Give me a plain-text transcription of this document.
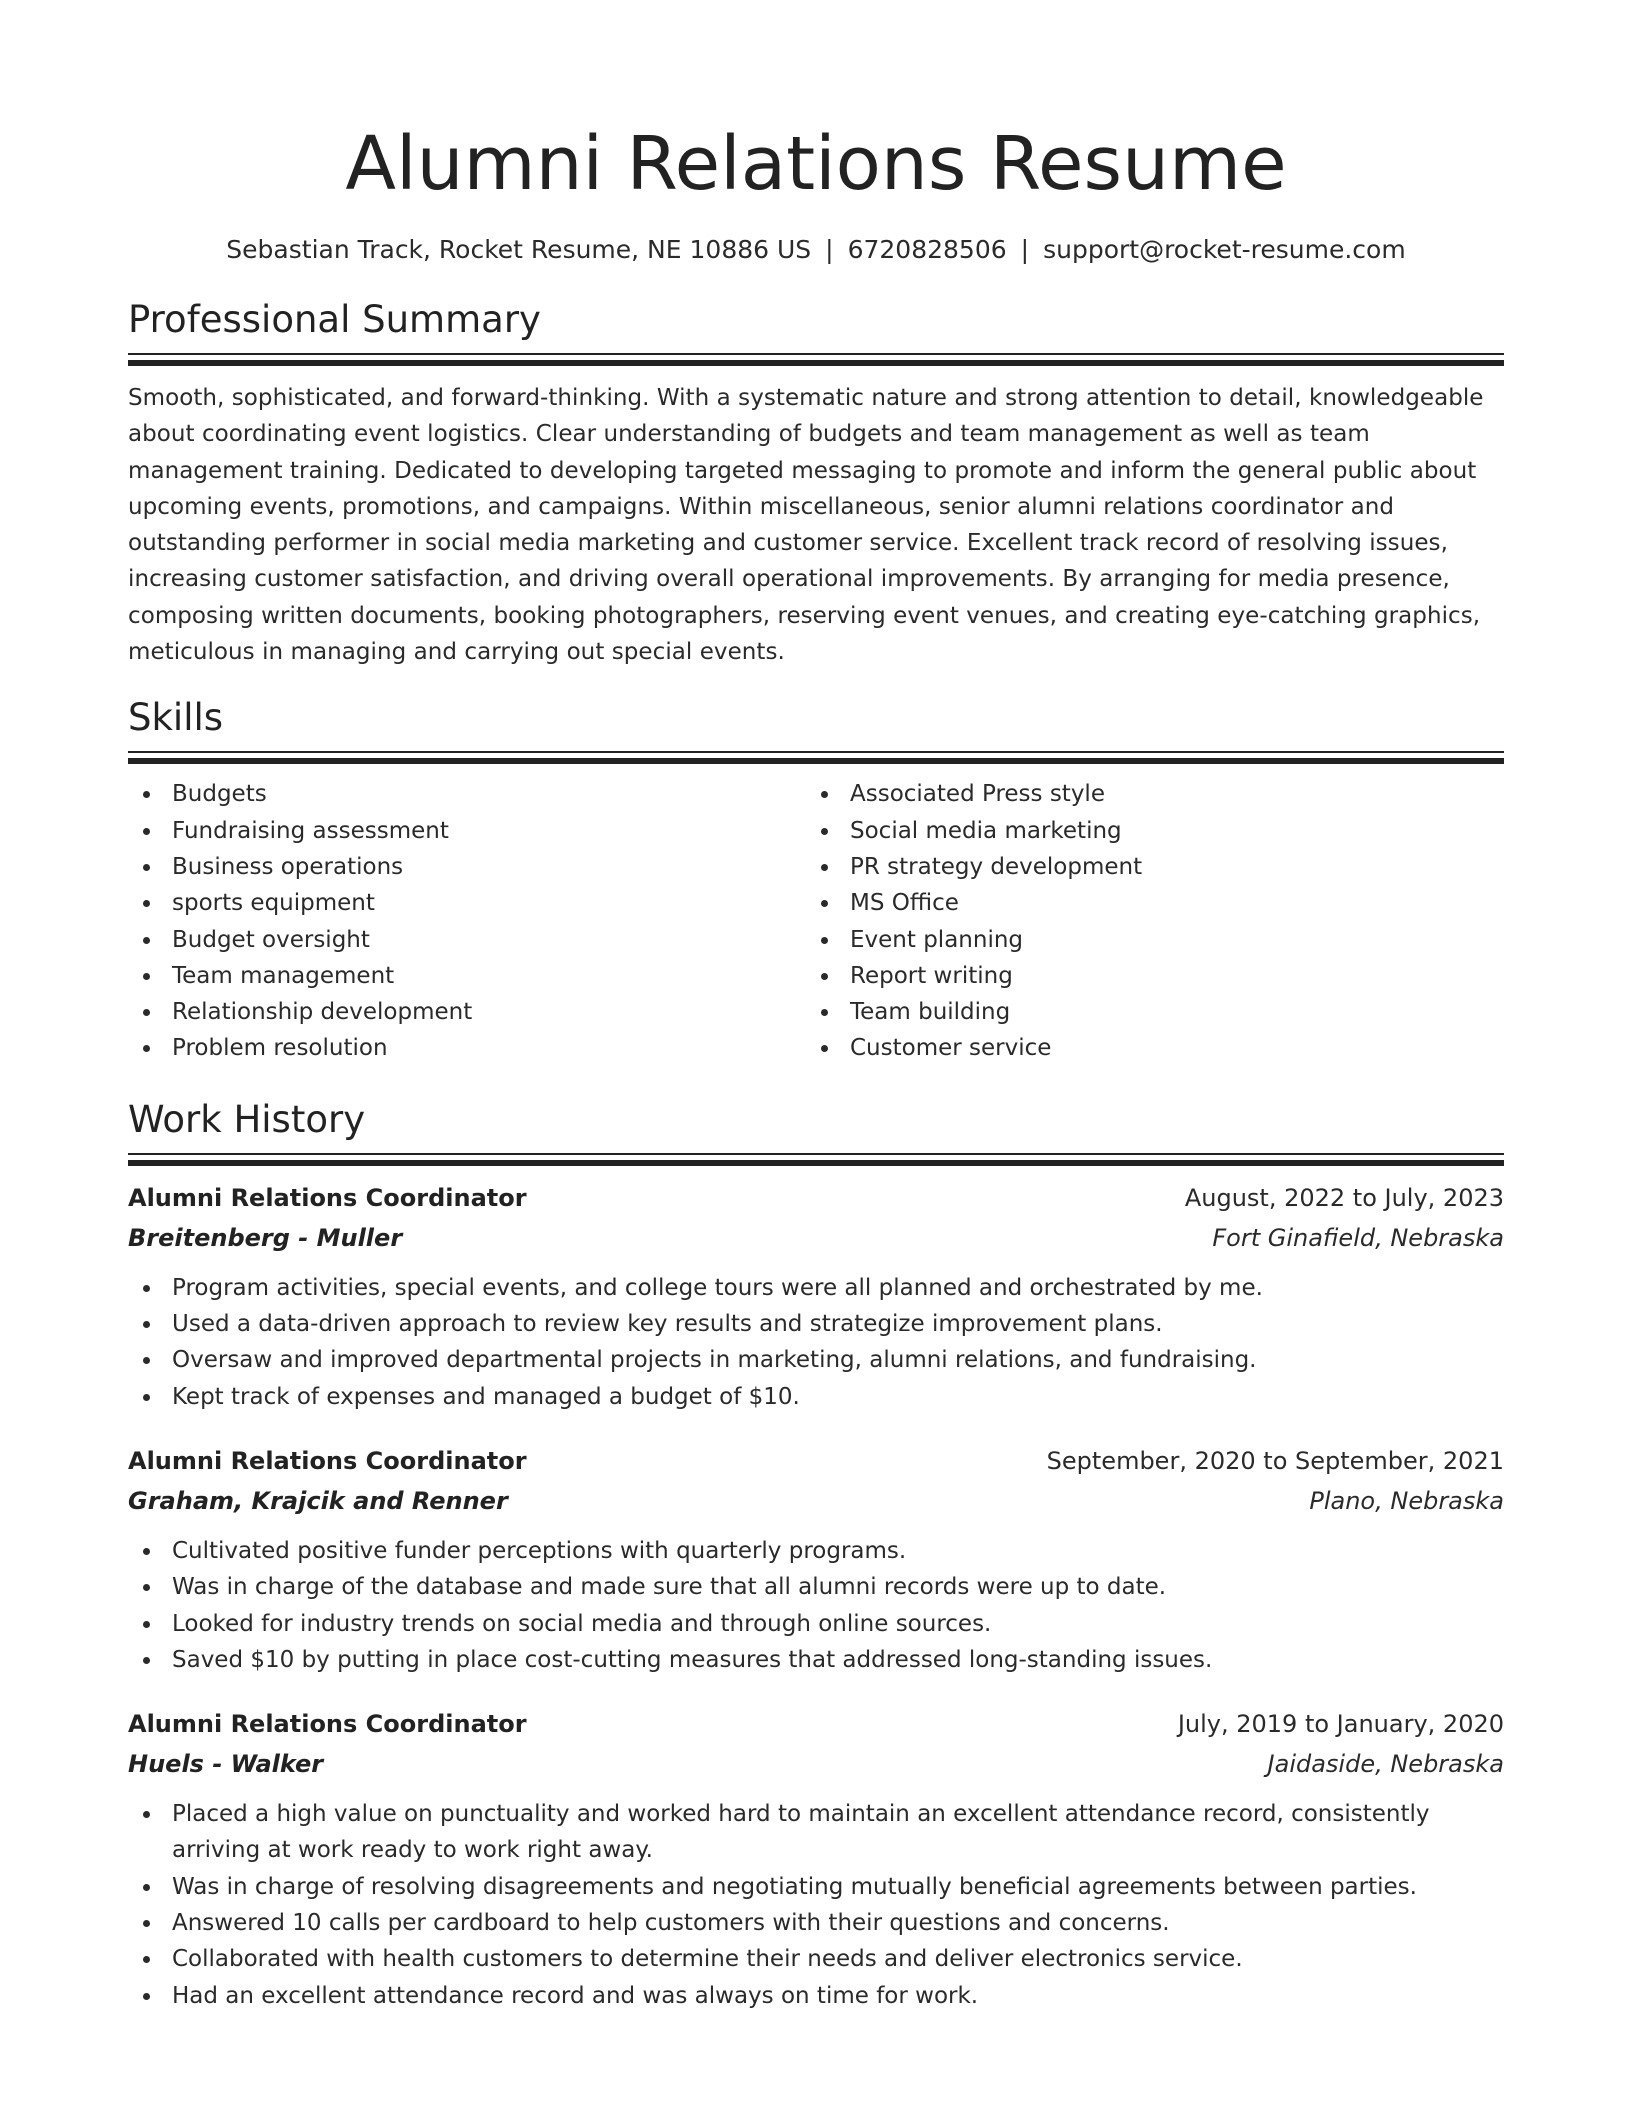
Alumni Relations Resume
Sebastian Track, Rocket Resume, NE 10886 US | 6720828506 | support@rocket-resume.com
Professional Summary

Smooth, sophisticated, and forward-thinking. With a systematic nature and strong attention to detail, knowledgeable about coordinating event logistics. Clear understanding of budgets and team management as well as team management training. Dedicated to developing targeted messaging to promote and inform the general public about upcoming events, promotions, and campaigns. Within miscellaneous, senior alumni relations coordinator and outstanding performer in social media marketing and customer service. Excellent track record of resolving issues, increasing customer satisfaction, and driving overall operational improvements. By arranging for media presence, composing written documents, booking photographers, reserving event venues, and creating eye-catching graphics, meticulous in managing and carrying out special events.

Skills
Budgets
Fundraising assessment
Business operations
sports equipment
Budget oversight
Team management
Relationship development
Problem resolution
Associated Press style
Social media marketing
PR strategy development
MS Office
Event planning
Report writing
Team building
Customer service
Work History
Alumni Relations Coordinator	August, 2022 to July, 2023
Breitenberg - Muller	Fort Ginafield, Nebraska
Program activities, special events, and college tours were all planned and orchestrated by me.
Used a data-driven approach to review key results and strategize improvement plans.
Oversaw and improved departmental projects in marketing, alumni relations, and fundraising.
Kept track of expenses and managed a budget of $10.
Alumni Relations Coordinator	September, 2020 to September, 2021
Graham, Krajcik and Renner	Plano, Nebraska
Cultivated positive funder perceptions with quarterly programs.
Was in charge of the database and made sure that all alumni records were up to date.
Looked for industry trends on social media and through online sources.
Saved $10 by putting in place cost-cutting measures that addressed long-standing issues.
Alumni Relations Coordinator	July, 2019 to January, 2020
Huels - Walker	Jaidaside, Nebraska
Placed a high value on punctuality and worked hard to maintain an excellent attendance record, consistently arriving at work ready to work right away.
Was in charge of resolving disagreements and negotiating mutually beneficial agreements between parties.
Answered 10 calls per cardboard to help customers with their questions and concerns.
Collaborated with health customers to determine their needs and deliver electronics service.
Had an excellent attendance record and was always on time for work.
